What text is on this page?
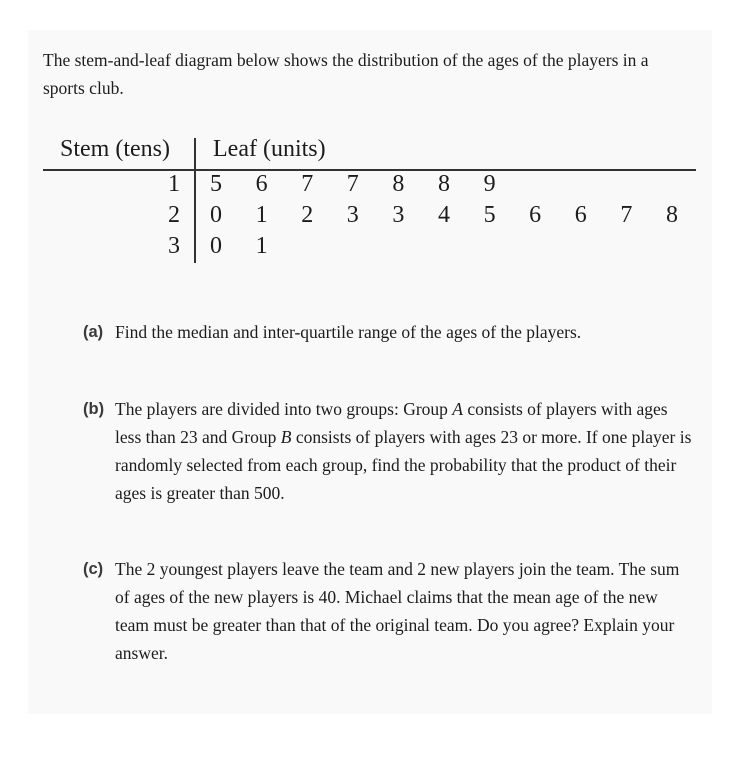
The stem-and-leaf diagram below shows the distribution of the ages of the players in a sports club.

Stem (tens) Leaf (units)
1 5	6	7	7	8	8	9
2 0	1	2	3	3	4	5	6	6	7	8
3 0	1
(a) Find the median and inter-quartile range of the ages of the players.
(b) The players are divided into two groups: Group A consists of players with ages less than 23 and Group B consists of players with ages 23 or more. If one player is randomly selected from each group, find the probability that the product of their ages is greater than 500.
(c) The 2 youngest players leave the team and 2 new players join the team. The sum of ages of the new players is 40. Michael claims that the mean age of the new team must be greater than that of the original team. Do you agree? Explain your answer.
